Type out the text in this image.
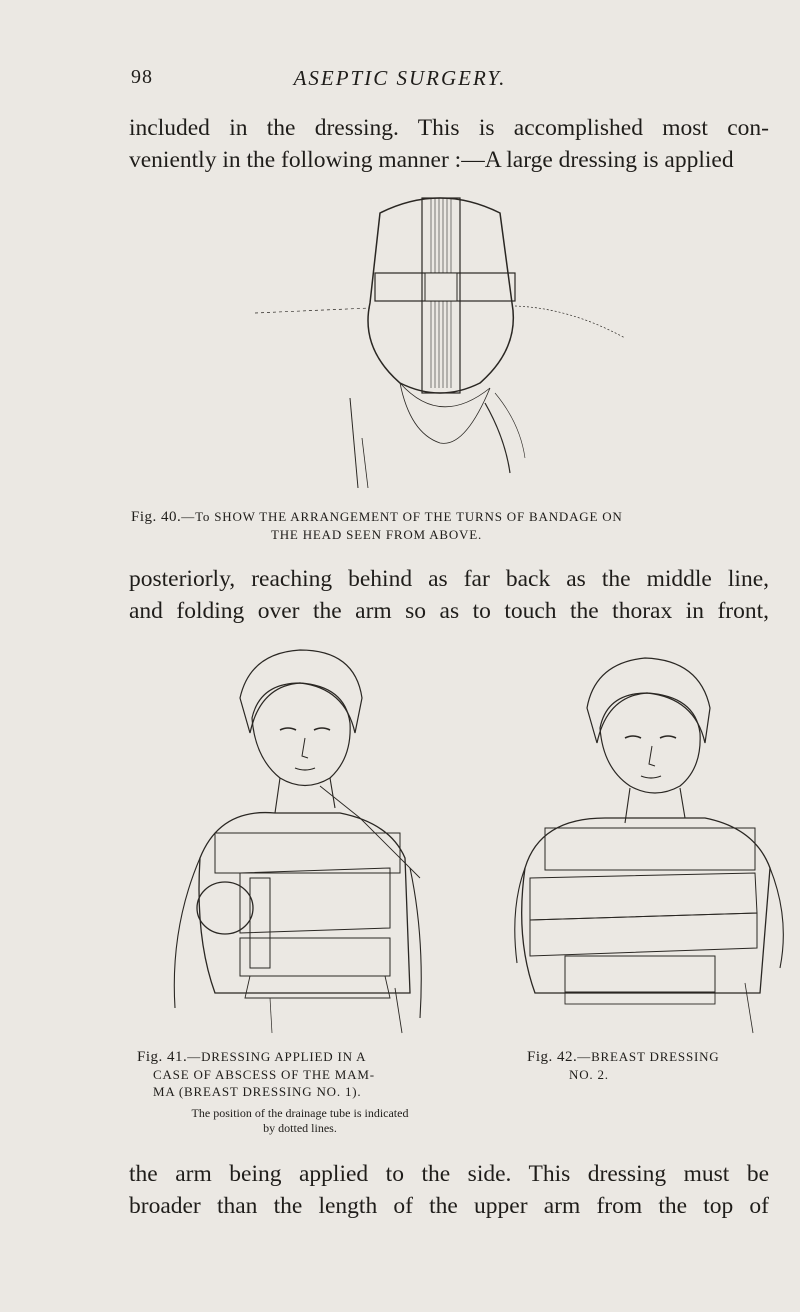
98	ASEPTIC SURGERY.

included in the dressing. This is accomplished most con-
veniently in the following manner :—A large dressing is applied

Fig. 40.—To SHOW THE ARRANGEMENT OF THE TURNS OF BANDAGE ON
THE HEAD SEEN FROM ABOVE.

posteriorly, reaching behind as far back as the middle line,
and folding over the arm so as to touch the thorax in front,

Fig. 41.—DRESSING APPLIED IN A
CASE OF ABSCESS OF THE MAM-
MA (BREAST DRESSING NO. 1).

The position of the drainage tube is indicated
by dotted lines.

Fig. 42.—BREAST DRESSING
NO. 2.

the arm being applied to the side. This dressing must be
broader than the length of the upper arm from the top of
